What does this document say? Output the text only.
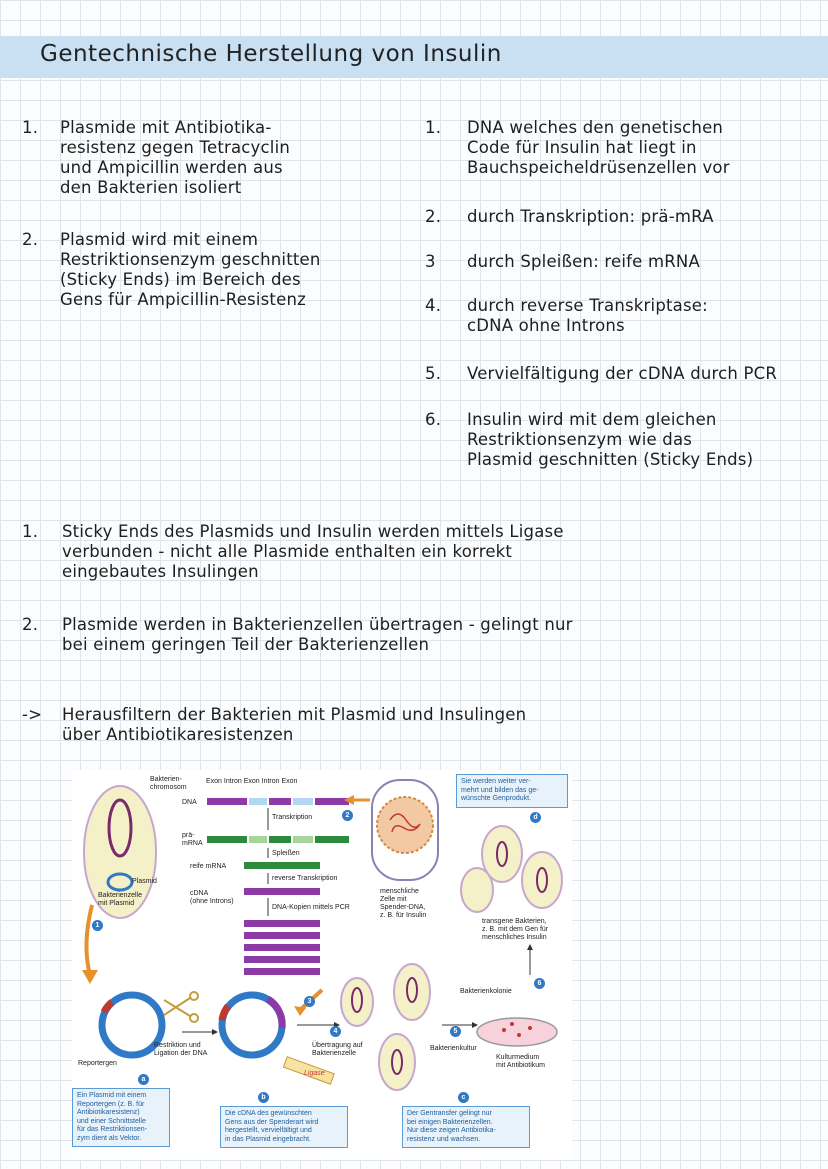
Gentechnische Herstellung von Insulin
1. Plasmide mit Antibiotika-
resistenz gegen Tetracyclin
und Ampicillin werden aus
den Bakterien isoliert
2. Plasmid wird mit einem
Restriktionsenzym geschnitten
(Sticky Ends) im Bereich des
Gens für Ampicillin-Resistenz
1. DNA welches den genetischen
Code für Insulin hat liegt in
Bauchspeicheldrüsenzellen vor
2. durch Transkription: prä-mRA
3 durch Spleißen: reife mRNA
4. durch reverse Transkriptase:
cDNA ohne Introns
5. Vervielfältigung der cDNA durch PCR
6. Insulin wird mit dem gleichen
Restriktionsenzym wie das
Plasmid geschnitten (Sticky Ends)
1. Sticky Ends des Plasmids und Insulin werden mittels Ligase
verbunden - nicht alle Plasmide enthalten ein korrekt
eingebautes Insulingen
2. Plasmide werden in Bakterienzellen übertragen - gelingt nur
bei einem geringen Teil der Bakterienzellen
-> Herausfiltern der Bakterien mit Plasmid und Insulingen
über Antibiotikaresistenzen
Bakterien-
chromosom
Exon Intron Exon Intron Exon
DNA
Transkription
prä-
mRNA
Spleißen
Plasmid
reife mRNA
reverse Transkription
Bakterienzelle
mit Plasmid
cDNA
(ohne Introns)
DNA-Kopien mittels PCR
menschliche
Zelle mit
Spender-DNA,
z. B. für Insulin
transgene Bakterien,
z. B. mit dem Gen für
menschliches Insulin
Bakterienkolonie
Reportergen
Restriktion und
Ligation der DNA
Übertragung auf
Bakterienzelle
Bakterienkultur
Kulturmedium
mit Antibiotikum
Ligase
Ein Plasmid mit einem
Reportergen (z. B. für
Antibiotikaresistenz)
und einer Schnittstelle
für das Restriktionsen-
zym dient als Vektor.
Die cDNA des gewünschten
Gens aus der Spenderart wird
hergestellt, vervielfältigt und
in das Plasmid eingebracht.
Der Gentransfer gelingt nur
bei einigen Bakterienzellen.
Nur diese zeigen Antibiotika-
resistenz und wachsen.
Sie werden weiter ver-
mehrt und bilden das ge-
wünschte Genprodukt.
1
2
3
4	5
6
a
b	c
d
